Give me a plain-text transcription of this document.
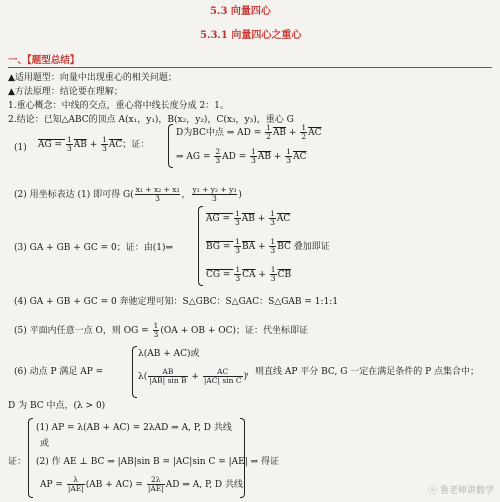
5.3 向量四心
5.3.1 向量四心之重心
一、【题型总结】
▲适用题型：向量中出现重心的相关问题；
▲方法原理：结论要在理解；
1.重心概念：中线的交点，重心将中线长度分成 2：1。
2.结论：已知△ABC的顶点 A(x₁，y₁)，B(x₂，y₂)，C(x₃，y₃)，重心 G
(1) AG = $\frac{1}{3} \overline{AB} + \frac{1}{3} \overline{AC}$；证：
D为BC中点 ⇒ AD = $\frac{1}{2} \overline{AB} + \frac{1}{2} \overline{AC}$
⇒ AG = $\frac{2}{3}$ AD = $\frac{1}{3} \overline{AB} + \frac{1}{3} \overline{AC}$
(2) 用坐标表达 (1) 即可得 $G( \frac{\text{x₁ + x₂ + x₃}}{3}$ ， $\frac{\text{y₁ + y₂ + y₃}}{3}$ )
(3) GA + GB + GC = 0；证：由(1)⇒
AG = $\frac{1}{3} \overline{AB} + \frac{1}{3} \overline{AC}$
BG = $\frac{1}{3} \overline{BA} + \frac{1}{3} \overline{BC}$ 叠加即证
CG = $\frac{1}{3} \overline{CA} + \frac{1}{3} \overline{CB}$
(4) GA + GB + GC = 0 奔驰定理可知：S△GBC：S△GAC：S△GAB = 1:1:1
(5) 平面内任意一点 O，则 OG = $\frac{1}{3} (OA$ + OB + OC)；证：代坐标即证
(6) 动点 P 满足 AP =
λ(AB + AC)或
$\lambda( \frac{AB}{\text{|AB| sin B}} + \frac{AC}{\text{|AC| sin C}}$ )
，则直线 AP 平分 BC, G 一定在满足条件的 P 点集合中；
D 为 BC 中点，(λ > 0)
证：
(1) AP = λ(AB + AC) = 2λAD ⇒ A, P, D 共线
或
(2) 作 AE ⊥ BC ⇒ |AB|sin B = |AC|sin C = |AE| ⇒ 得证
AP = $\frac{\lambda}{|AE|} (AB + AC) = \frac{2\lambda}{|AE|}$ AD ⇒ A, P, D 共线
ⓢ 鲁老师讲数学
